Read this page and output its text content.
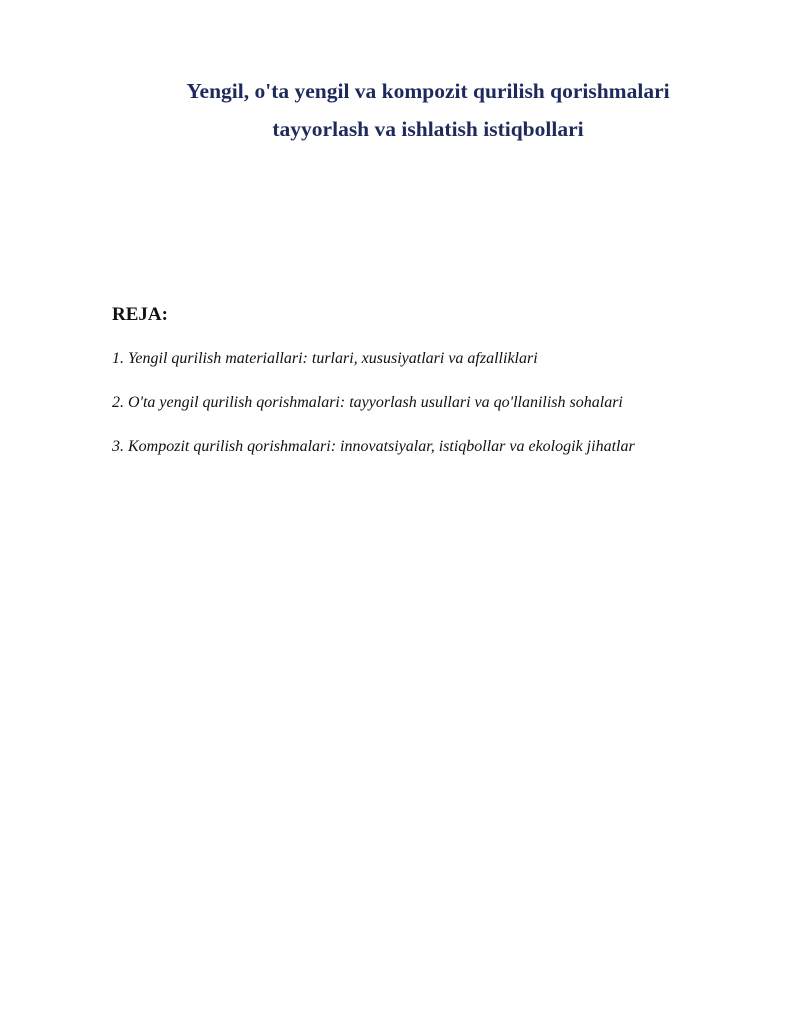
Yengil, o'ta yengil va kompozit qurilish qorishmalari
tayyorlash va ishlatish istiqbollari
REJA:
1. Yengil qurilish materiallari: turlari, xususiyatlari va afzalliklari
2. O'ta yengil qurilish qorishmalari: tayyorlash usullari va qo'llanilish sohalari
3. Kompozit qurilish qorishmalari: innovatsiyalar, istiqbollar va ekologik jihatlar
